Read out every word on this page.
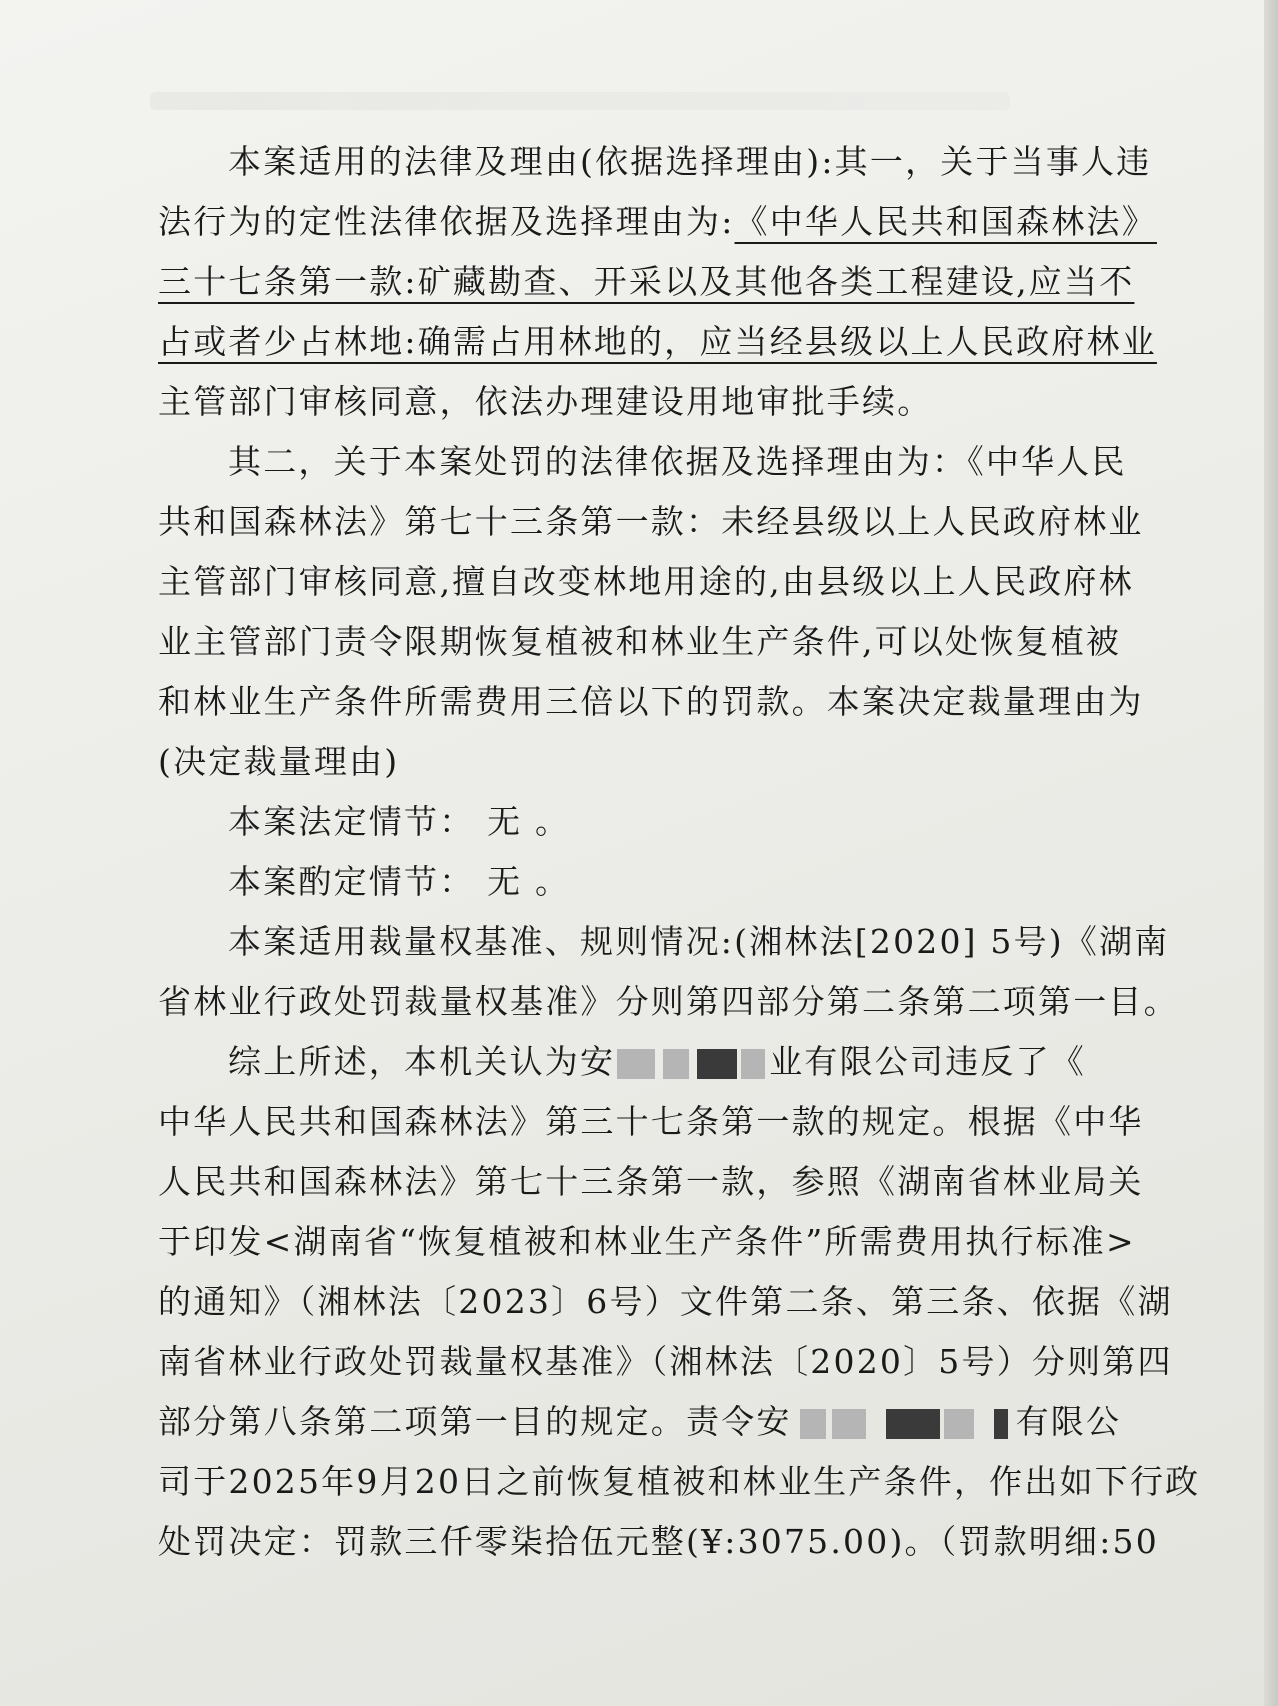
本案适用的法律及理由(依据选择理由):其一，关于当事人违
法行为的定性法律依据及选择理由为:《中华人民共和国森林法》
三十七条第一款:矿藏勘查、开采以及其他各类工程建设,应当不
占或者少占林地:确需占用林地的，应当经县级以上人民政府林业
主管部门审核同意，依法办理建设用地审批手续。
其二，关于本案处罚的法律依据及选择理由为：《中华人民
共和国森林法》第七十三条第一款：未经县级以上人民政府林业
主管部门审核同意,擅自改变林地用途的,由县级以上人民政府林
业主管部门责令限期恢复植被和林业生产条件,可以处恢复植被
和林业生产条件所需费用三倍以下的罚款。本案决定裁量理由为
(决定裁量理由)
本案法定情节： 无 。
本案酌定情节： 无 。
本案适用裁量权基准、规则情况:(湘林法[2020] 5号)《湖南
省林业行政处罚裁量权基准》分则第四部分第二条第二项第一目。
综上所述，本机关认为安	业有限公司违反了《
中华人民共和国森林法》第三十七条第一款的规定。根据《中华
人民共和国森林法》第七十三条第一款，参照《湖南省林业局关
于印发<湖南省“恢复植被和林业生产条件”所需费用执行标准>
的通知》（湘林法〔2023〕6号）文件第二条、第三条、依据《湖
南省林业行政处罚裁量权基准》（湘林法〔2020〕5号）分则第四
部分第八条第二项第一目的规定。责令安	有限公
司于2025年9月20日之前恢复植被和林业生产条件，作出如下行政
处罚决定：罚款三仟零柒拾伍元整(¥:3075.00)。（罚款明细:50
